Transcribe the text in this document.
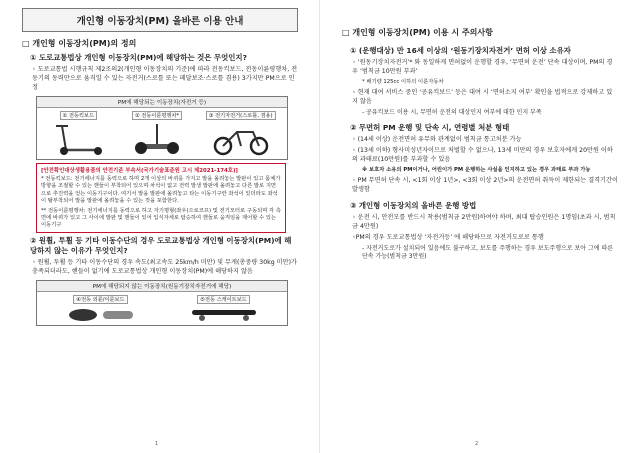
개인형 이동장치(PM) 올바른 이용 안내
□ 개인형 이동장치(PM)의 정의
① 도로교통법상 개인형 이동장치(PM)에 해당하는 것은 무엇인지?
◦ 도로교통법 시행규칙 제2조의2(개인형 이동장치의 기준)에 따라 전동킥보드, 전동이륜평행차, 전동기의 동력만으로 움직일 수 있는 자전거(스로틀 또는 페달보조·스로틀 겸용) 3가지만 PM으로 인정
PM에 해당되는 이동장치(자전거 등)
① 전동킥보드	② 전동이륜평행차*	③ 전기자전거(스로틀, 겸용)
[안전확인대상생활용품의 안전기준 부속서(국가기술표준원 고시 제2021-174호)]
* 전동킥보드: 전기에너지를 동력으로 하며 2개 이상의 바퀴를 가지고 발을 올려놓는 발판이 있고 몸체가 방향을 조절할 수 있는 핸들이 부착되어 있으며 차석이 없고 전력 발생 발판에 올려놓고 다른 발로 지면으로 추진력을 얻는 이동기구이다. 여기서 발을 발판에 올려놓고 타는 이동기구란 좌석이 있더라도 좌석이 탈부착되어 발을 발판에 올려놓을 수 있는 것을 포함한다.
** 전동이륜평행차: 전기에너지를 동력으로 하고 자기평형(좌우)으로코프) 및 전기모터로 구동되며 각 측면에 바퀴가 있고 그 사이에 발판 및 핸들이 있어 입식자세로 탑승하여 핸들로 움직임을 제어할 수 있는 이동기구
② 원휠, 투휠 등 기타 이동수단의 경우 도로교통법상 개인형 이동장치(PM)에 해당하지 않는 이유가 무엇인지?
◦ 원휠, 투휠 등 기타 이동수단의 경우 속도(최고속도 25km/h 미만) 및 무게(총중량 30kg 미만)가 충족되더라도, 핸들이 없기에 도로교통법상 개인형 이동장치(PM)에 해당하지 않음
PM에 해당되지 않는 이동장치(원동기장치자전거에 해당)
④전동 외륜/이륜보드	⑤전동 스케이트보드
1
□ 개인형 이동장치(PM) 이용 시 주의사항
① (운행대상) 만 16세 이상의 ‘원동기장치자전거’ 면허 이상 소유자
◦ ‘원동기장치자전거’* 와 동일하게 면허없이 운행할 경우, ‘무면허 운전’ 단속 대상이며, PM의 경우 ‘범칙금 10만원 부과’
* 배기량 125cc 이하의 이륜자동차
◦ 현재 대여 서비스 중인 ‘공유킥보드’ 등은 대여 시 ‘면허소지 여부’ 확인을 법적으로 강제하고 있지 않음
- 공유킥보드 이용 시, 무면허 운전의 대상인지 여부에 대한 인지 부족
② 무면허 PM 운행 및 단속 시, 연령별 처분 형태
◦ (14세 이상) 운전면허 유무와 관계없이 범칙금 통고처분 가능
◦ (13세 이하) 형사미성년자이므로 처벌할 수 없으나, 13세 미만의 경우 보호자에게 20만원 이하의 과태료(10만원)를 부과할 수 있음
※ 보호자 소유의 PM이거나, 어린이가 PM 운행하는 사실을 인지하고 있는 경우 과태료 부과 가능
◦ PM 무면허 단속 시, <1회 이상 1년>, <3회 이상 2년>의 운전면허 취득이 제한되는 결격기간이 발생함
③ 개인형 이동장치의 올바른 운행 방법
◦ 운전 시, 안전모를 반드시 착용(범칙금 2만원)하여야 하며, 최대 탑승인원은 1명임(초과 시, 범칙금 4만원)
◦PM의 경우 도로교통법상 ‘자전거등’ 에 해당하므로 자전거도로로 통행
- 자전거도로가 설치되어 있음에도 불구하고, 보도를 주행하는 경우 보도주행으로 보아 그에 따른 단속 가능(범칙금 3만원)
2
